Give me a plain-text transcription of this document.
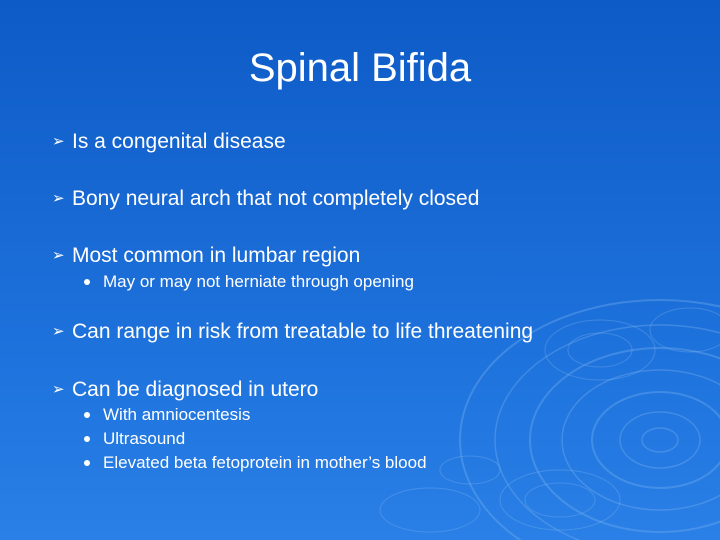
Spinal Bifida
➢ Is a congenital disease
➢ Bony neural arch that not completely closed
➢ Most common in lumbar region
May or may not herniate through opening
➢ Can range in risk from treatable to life threatening
➢ Can be diagnosed in utero
With amniocentesis
Ultrasound
Elevated beta fetoprotein in mother’s blood
